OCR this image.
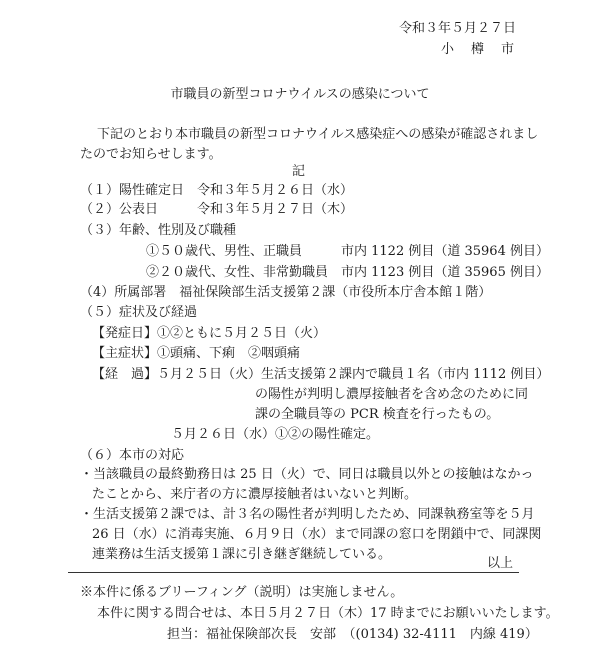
令和３年５月２７日
小　樽　市
市職員の新型コロナウイルスの感染について
下記のとおり本市職員の新型コロナウイルス感染症への感染が確認されまし
たのでお知らせします。
記
（１）陽性確定日　令和３年５月２６日（水）
（２）公表日　　　令和３年５月２７日（木）
（３）年齢、性別及び職種
①５０歳代、男性、正職員　　　市内 1122 例目（道 35964 例目）
②２０歳代、女性、非常勤職員　市内 1123 例目（道 35965 例目）
（4）所属部署　福祉保険部生活支援第２課（市役所本庁舎本館１階）
（５）症状及び経過
【発症日】①②ともに５月２５日（火）
【主症状】①頭痛、下痢　②咽頭痛
【経　過】５月２５日（火）生活支援第２課内で職員１名（市内 1112 例目）
の陽性が判明し濃厚接触者を含め念のために同
課の全職員等の PCR 検査を行ったもの。
５月２６日（水）①②の陽性確定。
（６）本市の対応
・当該職員の最終勤務日は 25 日（火）で、同日は職員以外との接触はなかっ
たことから、来庁者の方に濃厚接触者はいないと判断。
・生活支援第２課では、計３名の陽性者が判明したため、同課執務室等を５月
26 日（水）に消毒実施、６月９日（水）まで同課の窓口を閉鎖中で、同課関
連業務は生活支援第１課に引き継ぎ継続している。
以上
※本件に係るブリーフィング（説明）は実施しません。
本件に関する問合せは、本日５月２７日（木）17 時までにお願いいたします。
担当：福祉保険部次長　安部　（(0134) 32-4111　内線 419）
